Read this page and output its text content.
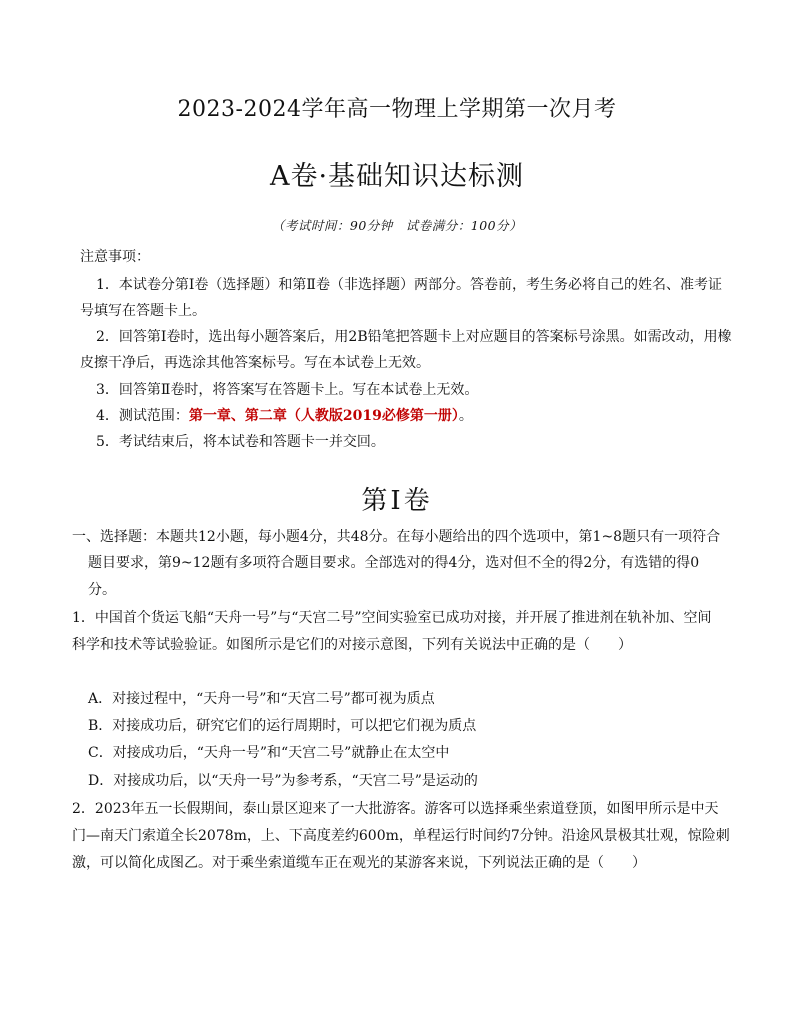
2023-2024学年高一物理上学期第一次月考
A卷·基础知识达标测
（考试时间：90分钟　试卷满分：100分）
注意事项：
1．本试卷分第Ⅰ卷（选择题）和第Ⅱ卷（非选择题）两部分。答卷前，考生务必将自己的姓名、准考证
号填写在答题卡上。
2．回答第Ⅰ卷时，选出每小题答案后，用2B铅笔把答题卡上对应题目的答案标号涂黑。如需改动，用橡
皮擦干净后，再选涂其他答案标号。写在本试卷上无效。
3．回答第Ⅱ卷时，将答案写在答题卡上。写在本试卷上无效。
4．测试范围：第一章、第二章（人教版2019必修第一册）。
5．考试结束后，将本试卷和答题卡一并交回。
第Ⅰ卷
一、选择题：本题共12小题，每小题4分，共48分。在每小题给出的四个选项中，第1~8题只有一项符合
题目要求，第9~12题有多项符合题目要求。全部选对的得4分，选对但不全的得2分，有选错的得0
分。
1．中国首个货运飞船“天舟一号”与“天宫二号”空间实验室已成功对接，并开展了推进剂在轨补加、空间
科学和技术等试验验证。如图所示是它们的对接示意图，下列有关说法中正确的是（　　）
A．对接过程中，“天舟一号”和“天宫二号”都可视为质点
B．对接成功后，研究它们的运行周期时，可以把它们视为质点
C．对接成功后，“天舟一号”和“天宫二号”就静止在太空中
D．对接成功后，以“天舟一号”为参考系，“天宫二号”是运动的
2．2023年五一长假期间，泰山景区迎来了一大批游客。游客可以选择乘坐索道登顶，如图甲所示是中天
门—南天门索道全长2078m，上、下高度差约600m，单程运行时间约7分钟。沿途风景极其壮观，惊险刺
激，可以简化成图乙。对于乘坐索道缆车正在观光的某游客来说，下列说法正确的是（　　）
